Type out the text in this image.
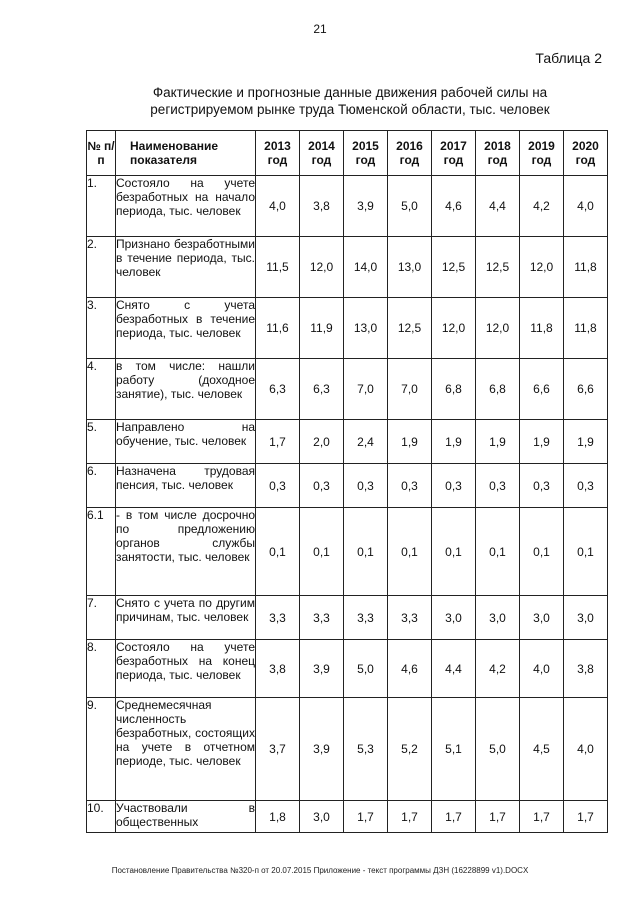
21
Таблица 2
Фактические и прогнозные данные движения рабочей силы на регистрируемом рынке труда Тюменской области, тыс. человек
№ п/п	Наименование показателя	2013 год	2014 год	2015 год	2016 год	2017 год	2018 год	2019 год	2020 год
1.	Состояло на учете безработных на начало периода, тыс. человек	4,0	3,8	3,9	5,0	4,6	4,4	4,2	4,0
2.	Признано безработными в течение периода, тыс. человек	11,5	12,0	14,0	13,0	12,5	12,5	12,0	11,8
3.	Снято с учета безработных в течение периода, тыс. человек	11,6	11,9	13,0	12,5	12,0	12,0	11,8	11,8
4.	в том числе: нашли работу (доходное занятие), тыс. человек	6,3	6,3	7,0	7,0	6,8	6,8	6,6	6,6
5.	Направлено на обучение, тыс. человек	1,7	2,0	2,4	1,9	1,9	1,9	1,9	1,9
6.	Назначена трудовая пенсия, тыс. человек	0,3	0,3	0,3	0,3	0,3	0,3	0,3	0,3
6.1	- в том числе досрочно по предложению органов службы занятости, тыс. человек	0,1	0,1	0,1	0,1	0,1	0,1	0,1	0,1
7.	Снято с учета по другим причинам, тыс. человек	3,3	3,3	3,3	3,3	3,0	3,0	3,0	3,0
8.	Состояло на учете безработных на конец периода, тыс. человек	3,8	3,9	5,0	4,6	4,4	4,2	4,0	3,8
9.	Среднемесячная численность безработных, состоящих на учете в отчетном периоде, тыс. человек	3,7	3,9	5,3	5,2	5,1	5,0	4,5	4,0
10.	Участвовали в общественных	1,8	3,0	1,7	1,7	1,7	1,7	1,7	1,7
Постановление Правительства №320-п от 20.07.2015 Приложение - текст программы ДЗН (16228899 v1).DOCX
